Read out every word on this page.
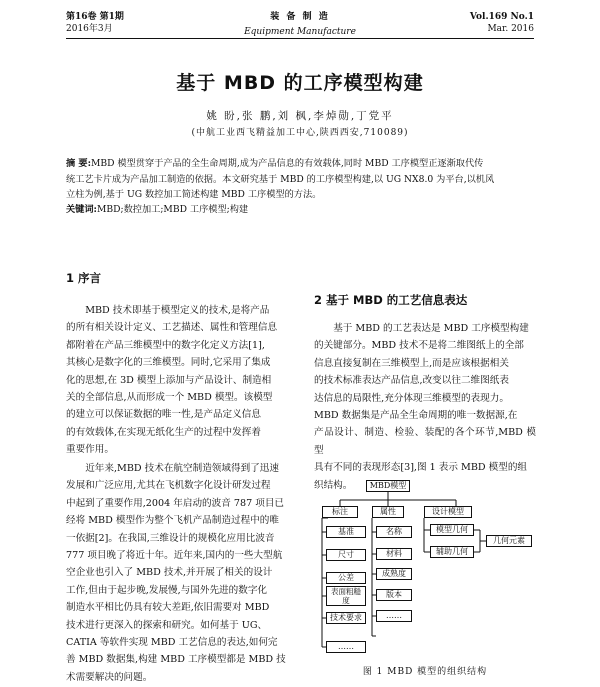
第16卷 第1期
2016年3月
装 备 制 造
Equipment Manufacture
Vol.169 No.1
Mar. 2016
基于 MBD 的工序模型构建
姚 盼,张 鹏,刘 枫,李焯勋,丁党平
(中航工业西飞精益加工中心,陕西西安,710089)
摘 要:MBD 模型贯穿于产品的全生命周期,成为产品信息的有效载体,同时 MBD 工序模型正逐渐取代传
统工艺卡片成为产品加工制造的依据。本文研究基于 MBD 的工序模型构建,以 UG NX8.0 为平台,以机风
立柱为例,基于 UG 数控加工简述构建 MBD 工序模型的方法。
关键词:MBD;数控加工;MBD 工序模型;构建
1 序言
MBD 技术即基于模型定义的技术,是将产品
的所有相关设计定义、工艺描述、属性和管理信息
都附着在产品三维模型中的数字化定义方法[1],
其核心是数字化的三维模型。同时,它采用了集成
化的思想,在 3D 模型上添加与产品设计、制造相
关的全部信息,从而形成一个 MBD 模型。该模型
的建立可以保证数据的唯一性,是产品定义信息
的有效载体,在实现无纸化生产的过程中发挥着
重要作用。
近年来,MBD 技术在航空制造领域得到了迅速
发展和广泛应用,尤其在飞机数字化设计研发过程
中起到了重要作用,2004 年启动的波音 787 项目已
经将 MBD 模型作为整个飞机产品制造过程中的唯
一依据[2]。在我国,三维设计的规模化应用比波音
777 项目晚了将近十年。近年来,国内的一些大型航
空企业也引入了 MBD 技术,并开展了相关的设计
工作,但由于起步晚,发展慢,与国外先进的数字化
制造水平相比仍具有较大差距,依旧需要对 MBD
技术进行更深入的探索和研究。如何基于 UG、
CATIA 等软件实现 MBD 工艺信息的表达,如何完
善 MBD 数据集,构建 MBD 工序模型都是 MBD 技
术需要解决的问题。
2 基于 MBD 的工艺信息表达
基于 MBD 的工艺表达是 MBD 工序模型构建
的关键部分。MBD 技术不是将二维图纸上的全部
信息直接复制在三维模型上,而是应该根据相关
的技术标准表达产品信息,改变以往二维图纸表
达信息的局限性,充分体现三维模型的表现力。
MBD 数据集是产品全生命周期的唯一数据源,在
产品设计、制造、检验、装配的各个环节,MBD 模型
具有不同的表现形态[3],图 1 表示 MBD 模型的组
织结构。	MBD模型
标注	属性	设计模型
基准
尺寸
公差
表面粗糙度
技术要求
……
名称
材料
成熟度
版本
……
模型几何
辅助几何
几何元素
图 1 MBD 模型的组织结构
